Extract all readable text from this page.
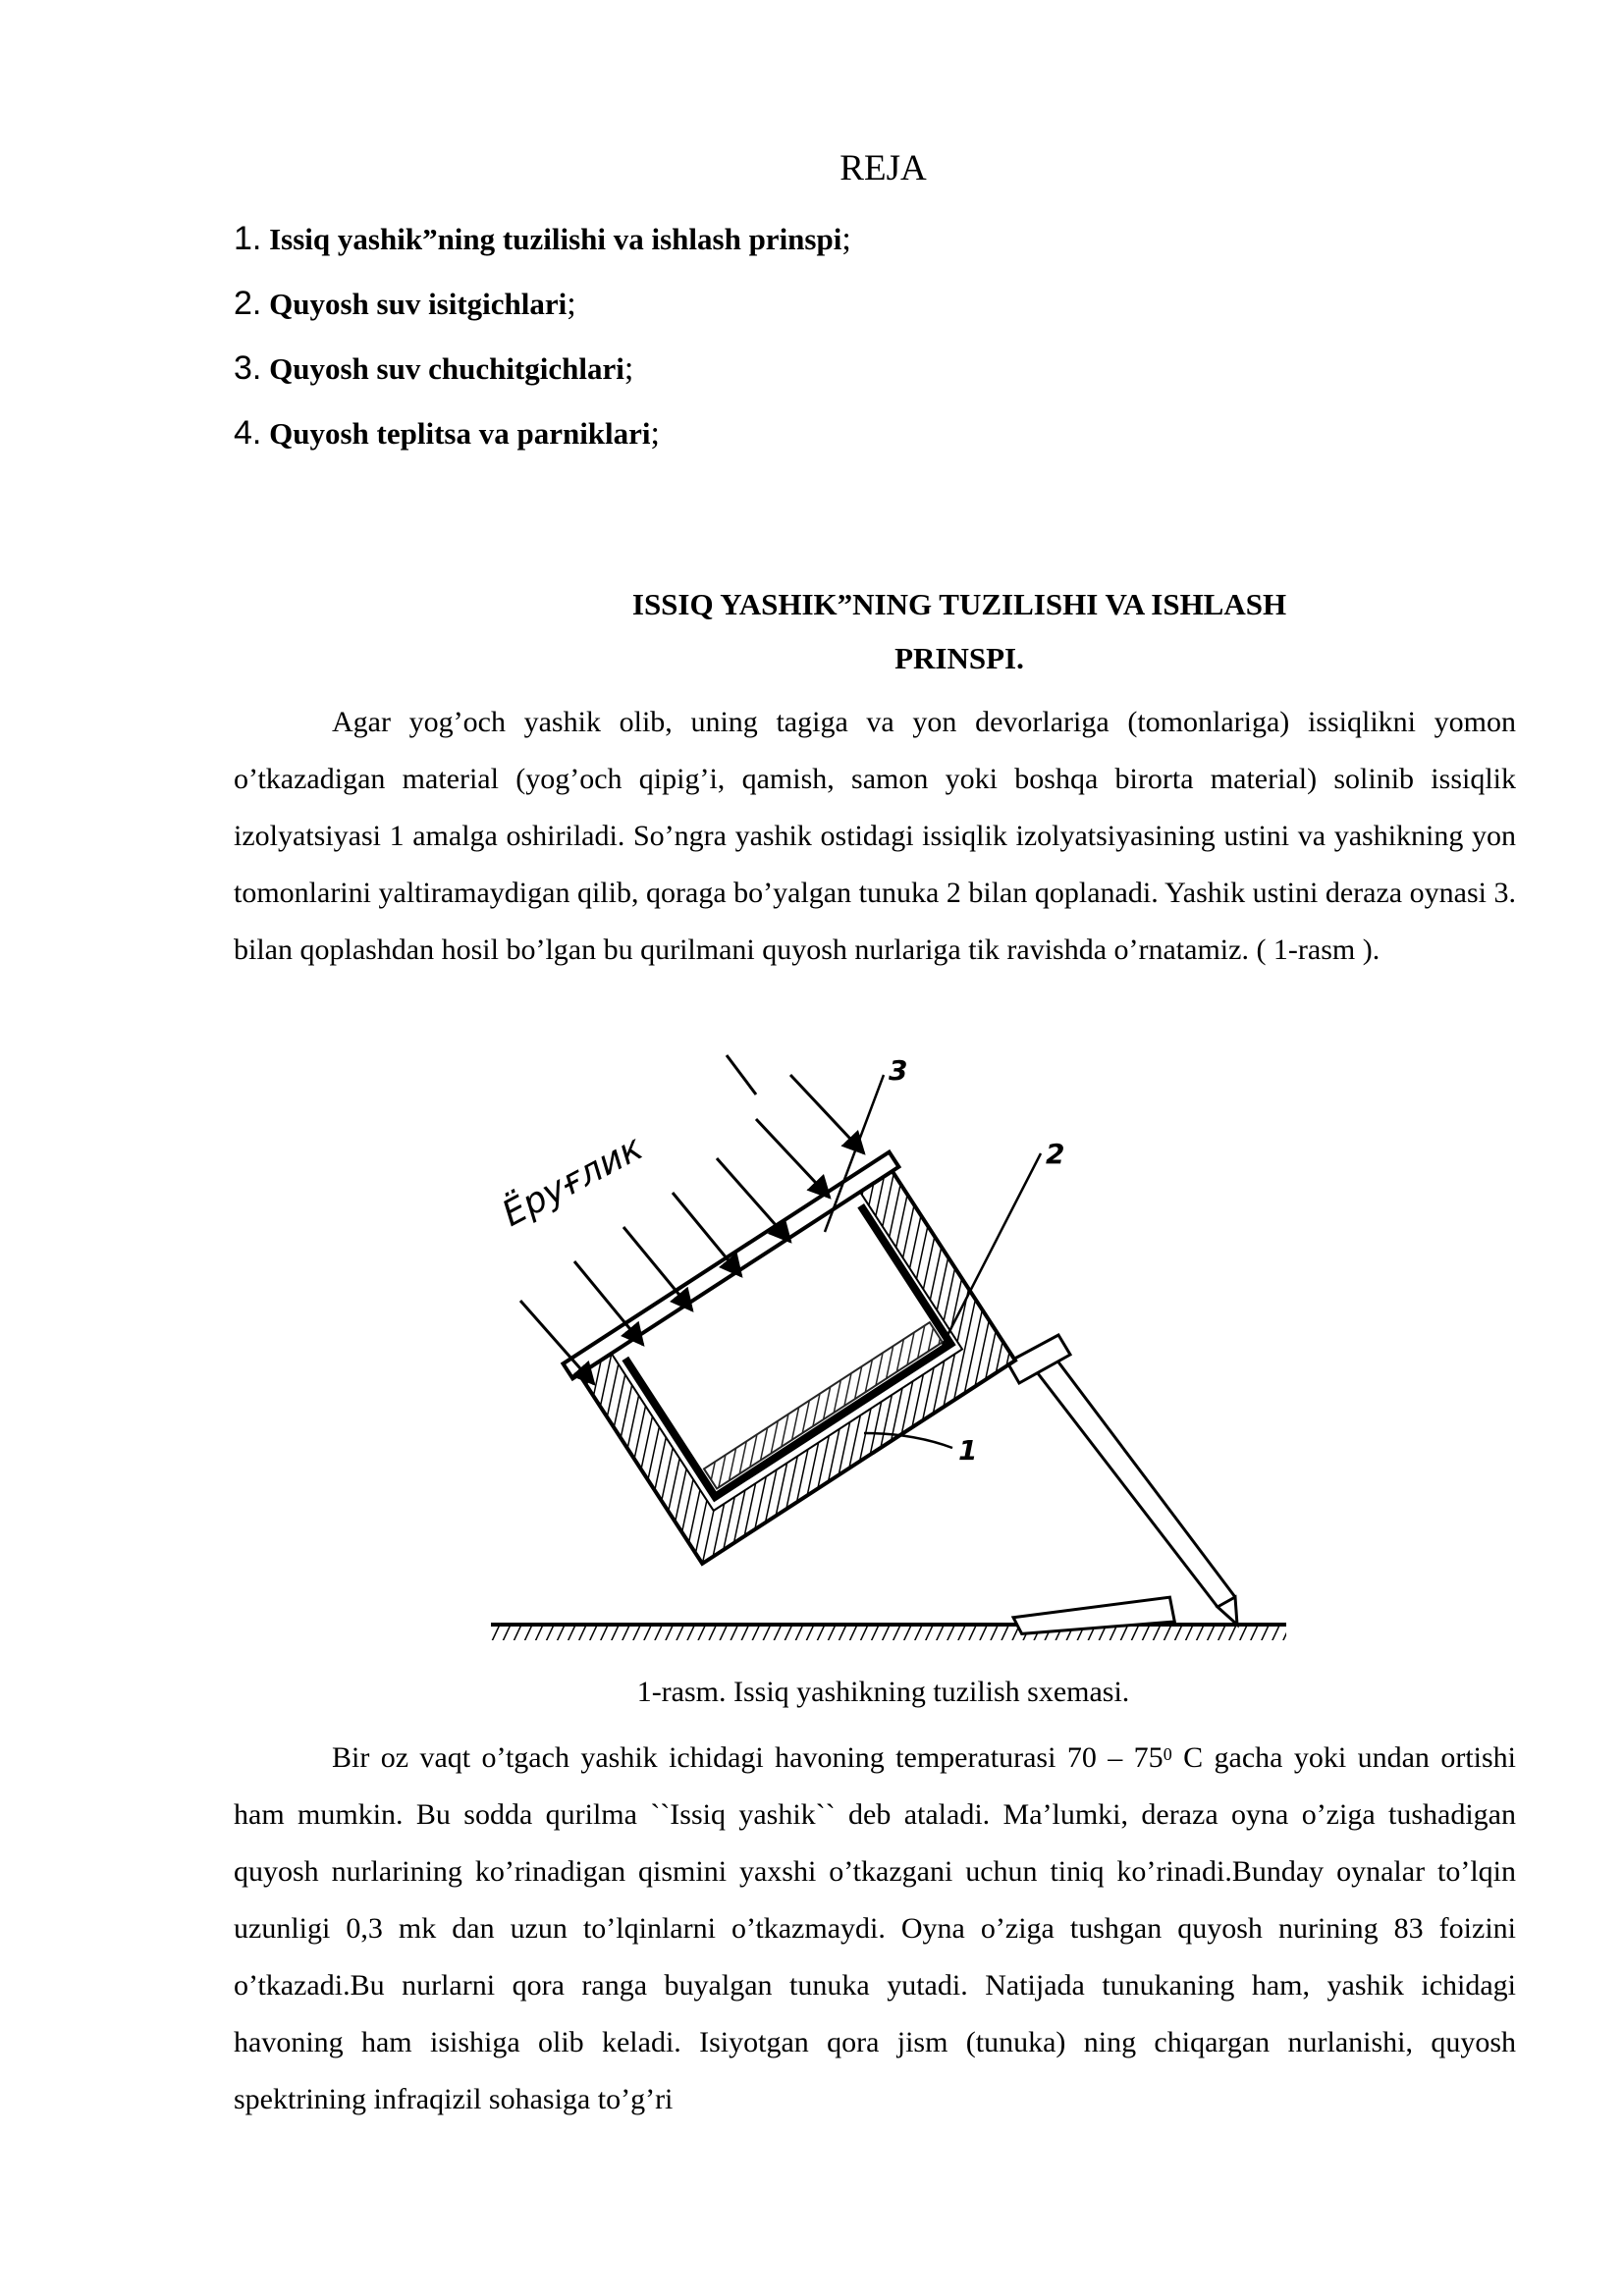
REJA
1. Issiq yashik”ning tuzilishi va ishlash prinspi;
2. Quyosh suv isitgichlari;
3. Quyosh suv chuchitgichlari;
4. Quyosh teplitsa va parniklari;
ISSIQ YASHIK”NING TUZILISHI VA ISHLASH
PRINSPI.

Agar yog’och yashik olib, uning tagiga va yon devorlariga (tomonlariga) issiqlikni yomon o’tkazadigan material (yog’och qipig’i, qamish, samon yoki boshqa birorta material) solinib issiqlik izolyatsiyasi 1 amalga oshiriladi. So’ngra yashik ostidagi issiqlik izolyatsiyasining ustini va yashikning yon tomonlarini yaltiramaydigan qilib, qoraga bo’yalgan tunuka 2 bilan qoplanadi. Yashik ustini deraza oynasi 3. bilan qoplashdan hosil bo’lgan bu qurilmani quyosh nurlariga tik ravishda o’rnatamiz. ( 1-rasm ).

Ёруғлик
3
2
1
1-rasm. Issiq yashikning tuzilish sxemasi.

Bir oz vaqt o’tgach yashik ichidagi havoning temperaturasi $70 - 75^0$ C gacha yoki undan ortishi ham mumkin. Bu sodda qurilma ``Issiq yashik`` deb ataladi. Ma’lumki, deraza oyna o’ziga tushadigan quyosh nurlarining ko’rinadigan qismini yaxshi o’tkazgani uchun tiniq ko’rinadi.Bunday oynalar to’lqin uzunligi 0,3 mk dan uzun to’lqinlarni o’tkazmaydi. Oyna o’ziga tushgan quyosh nurining 83 foizini o’tkazadi.Bu nurlarni qora ranga buyalgan tunuka yutadi. Natijada tunukaning ham, yashik ichidagi havoning ham isishiga olib keladi. Isiyotgan qora jism (tunuka) ning chiqargan nurlanishi, quyosh spektrining infraqizil sohasiga to’g’ri
